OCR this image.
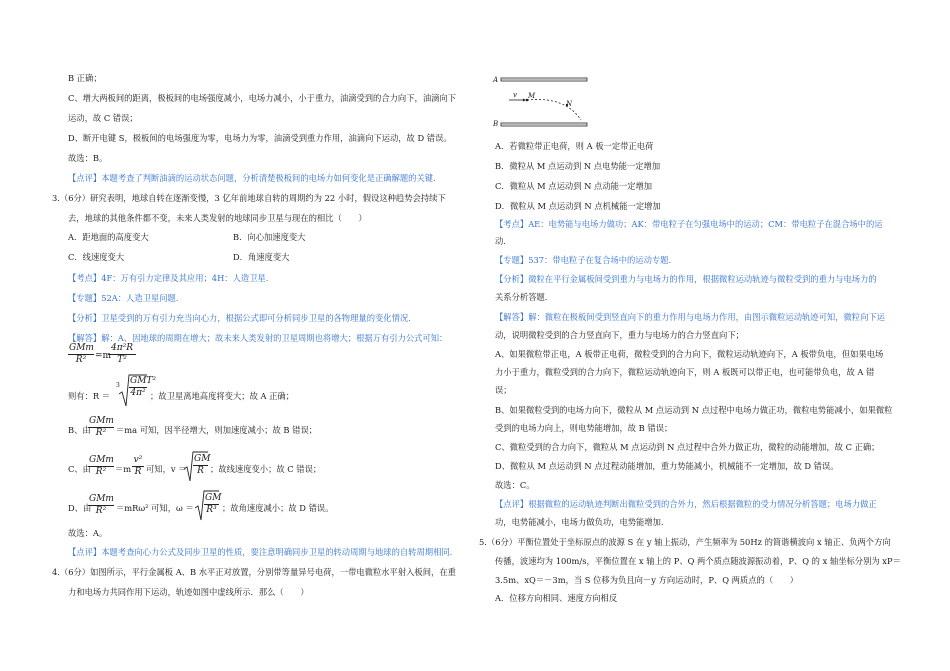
B 正确；
C、增大两板间的距离，极板间的电场强度减小，电场力减小，小于重力，油滴受到的合力向下，油滴向下
运动，故 C 错误；
D、断开电键 S，极板间的电场强度为零，电场力为零，油滴受到重力作用，油滴向下运动，故 D 错误。
故选：B。
【点评】本题考查了判断油滴的运动状态问题，分析清楚极板间的电场力如何变化是正确解题的关键.
3.（6分）研究表明，地球自转在逐渐变慢，3 亿年前地球自转的周期约为 22 小时，假设这种趋势会持续下
去，地球的其他条件都不变，未来人类发射的地球同步卫星与现在的相比（　　）
A．距地面的高度变大	B．向心加速度变大
C．线速度变大	D．角速度变大
【考点】4F：万有引力定律及其应用；4H：人造卫星.
【专题】52A：人造卫星问题.
【分析】卫星受到的万有引力充当向心力，根据公式即可分析同步卫星的各物理量的变化情况.
【解答】解：A、因地球的周期在增大；故未来人类发射的卫星周期也将增大；根据万有引力公式可知：
GMm
R² =m
$\frac{\text{4π²R}}{\text{T²}}$
则有：R ＝
3 GMT²
4π² ；故卫星离地高度将变大；故 A 正确；
B、由
GMm
R²	＝ma 可知，因半径增大，则加速度减小；故 B 错误；
C、由
GMm
R²	$=m \frac{\text{v²}}{R}$ 可知，$v = \frac{GM}{R}$ ；故线速度变小；故 C 错误；
D、由
GMm
R²	＝mRω² 可知，$\omega = \frac{GM}{\text{R³}}$ ；故角速度减小；故 D 错误。
故选：A。
【点评】本题考查向心力公式及同步卫星的性质，要注意明确同步卫星的转动周期与地球的自转周期相同.
4.（6分）如图所示，平行金属板 A、B 水平正对放置，分别带等量异号电荷，一带电微粒水平射入板间，在重
力和电场力共同作用下运动，轨迹如图中虚线所示．那么（　　）
A
B
v M
N
A．若微粒带正电荷，则 A 板一定带正电荷
B．微粒从 M 点运动到 N 点电势能一定增加
C．微粒从 M 点运动到 N 点动能一定增加
D．微粒从 M 点运动到 N 点机械能一定增加
【考点】AE：电势能与电场力做功；AK：带电粒子在匀强电场中的运动；CM：带电粒子在混合场中的运
动.
【专题】537：带电粒子在复合场中的运动专题.
【分析】微粒在平行金属板间受到重力与电场力的作用，根据微粒运动轨迹与微粒受到的重力与电场力的
关系分析答题.
【解答】解：微粒在极板间受到竖直向下的重力作用与电场力作用，由图示微粒运动轨迹可知，微粒向下运
动，说明微粒受到的合力竖直向下，重力与电场力的合力竖直向下；
A、如果微粒带正电，A 板带正电荷，微粒受到的合力向下，微粒运动轨迹向下，A 板带负电，但如果电场
力小于重力，微粒受到的合力向下，微粒运动轨迹向下，则 A 板既可以带正电，也可能带负电，故 A 错
误；
B、如果微粒受到的电场力向下，微粒从 M 点运动到 N 点过程中电场力做正功，微粒电势能减小，如果微粒
受到的电场力向上，则电势能增加，故 B 错误；
C、微粒受到的合力向下，微粒从 M 点运动到 N 点过程中合外力做正功，微粒的动能增加，故 C 正确；
D、微粒从 M 点运动到 N 点过程动能增加，重力势能减小，机械能不一定增加，故 D 错误。
故选：C。
【点评】根据微粒的运动轨迹判断出微粒受到的合外力，然后根据微粒的受力情况分析答题；电场力做正
功，电势能减小，电场力做负功，电势能增加.
5.（6分）平衡位置处于坐标原点的波源 S 在 y 轴上振动，产生频率为 50Hz 的简谐横波向 x 轴正、负两个方向
传播，波速均为 100m/s，平衡位置在 x 轴上的 P、Q 两个质点随波源振动着，P、Q 的 x 轴坐标分别为 xP＝
3.5m、xQ＝－3m，当 S 位移为负且向－y 方向运动时，P、Q 两质点的（　　）
A．位移方向相同、速度方向相反
